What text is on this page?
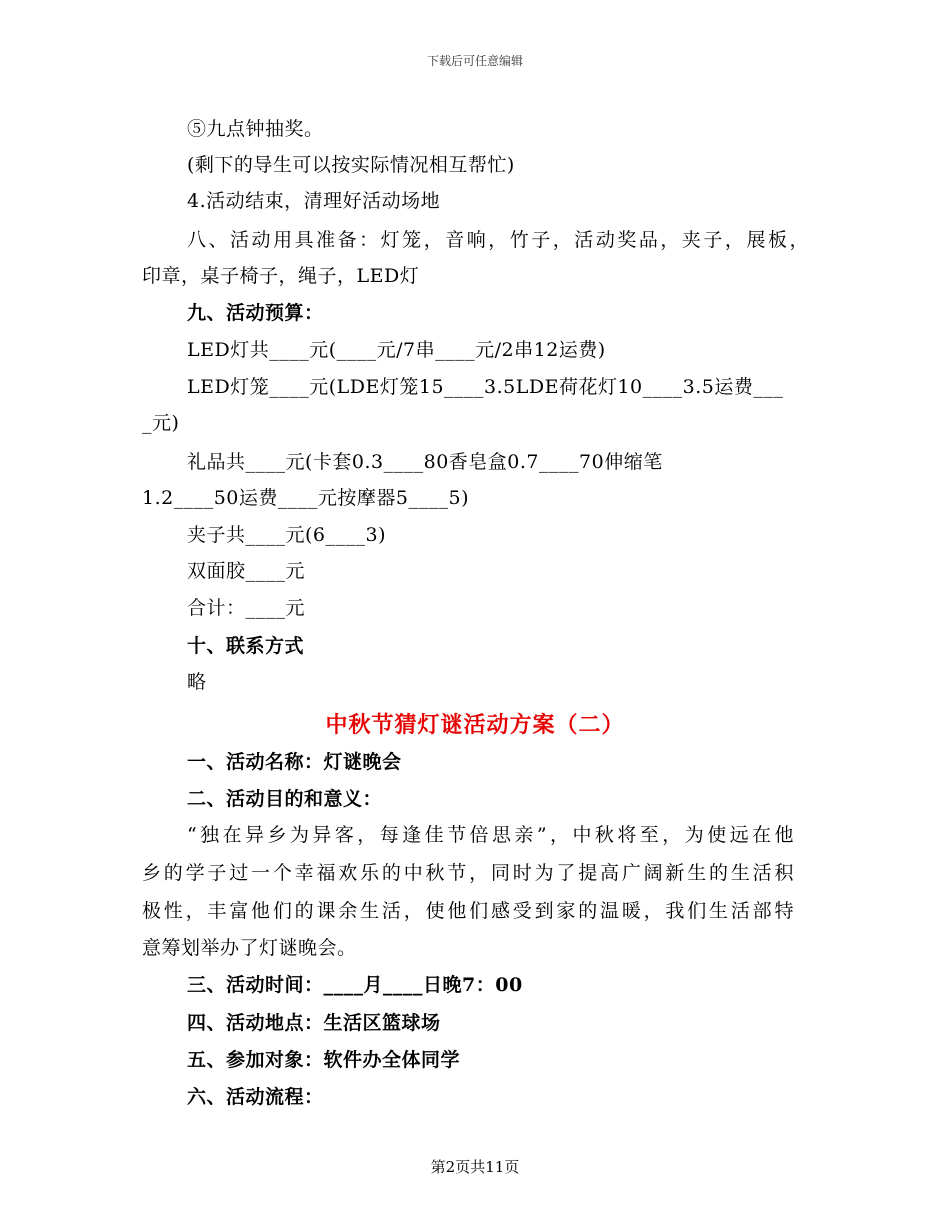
下载后可任意编辑
⑤九点钟抽奖。
(剩下的导生可以按实际情况相互帮忙)
4.活动结束，清理好活动场地
八、活动用具准备：灯笼，音响，竹子，活动奖品，夹子，展板，
印章，桌子椅子，绳子，LED灯
九、活动预算：
LED灯共____元(____元/7串____元/2串12运费)
LED灯笼____元(LDE灯笼15____3.5LDE荷花灯10____3.5运费___
_元)
礼品共____元(卡套0.3____80香皂盒0.7____70伸缩笔
1.2____50运费____元按摩器5____5)
夹子共____元(6____3)
双面胶____元
合计：____元
十、联系方式
略
中秋节猜灯谜活动方案（二）
一、活动名称：灯谜晚会
二、活动目的和意义：
“独在异乡为异客，每逢佳节倍思亲”，中秋将至，为使远在他
乡的学子过一个幸福欢乐的中秋节，同时为了提高广阔新生的生活积
极性，丰富他们的课余生活，使他们感受到家的温暖，我们生活部特
意筹划举办了灯谜晚会。
三、活动时间：____月____日晚7：00
四、活动地点：生活区篮球场
五、参加对象：软件办全体同学
六、活动流程：
第2页共11页
